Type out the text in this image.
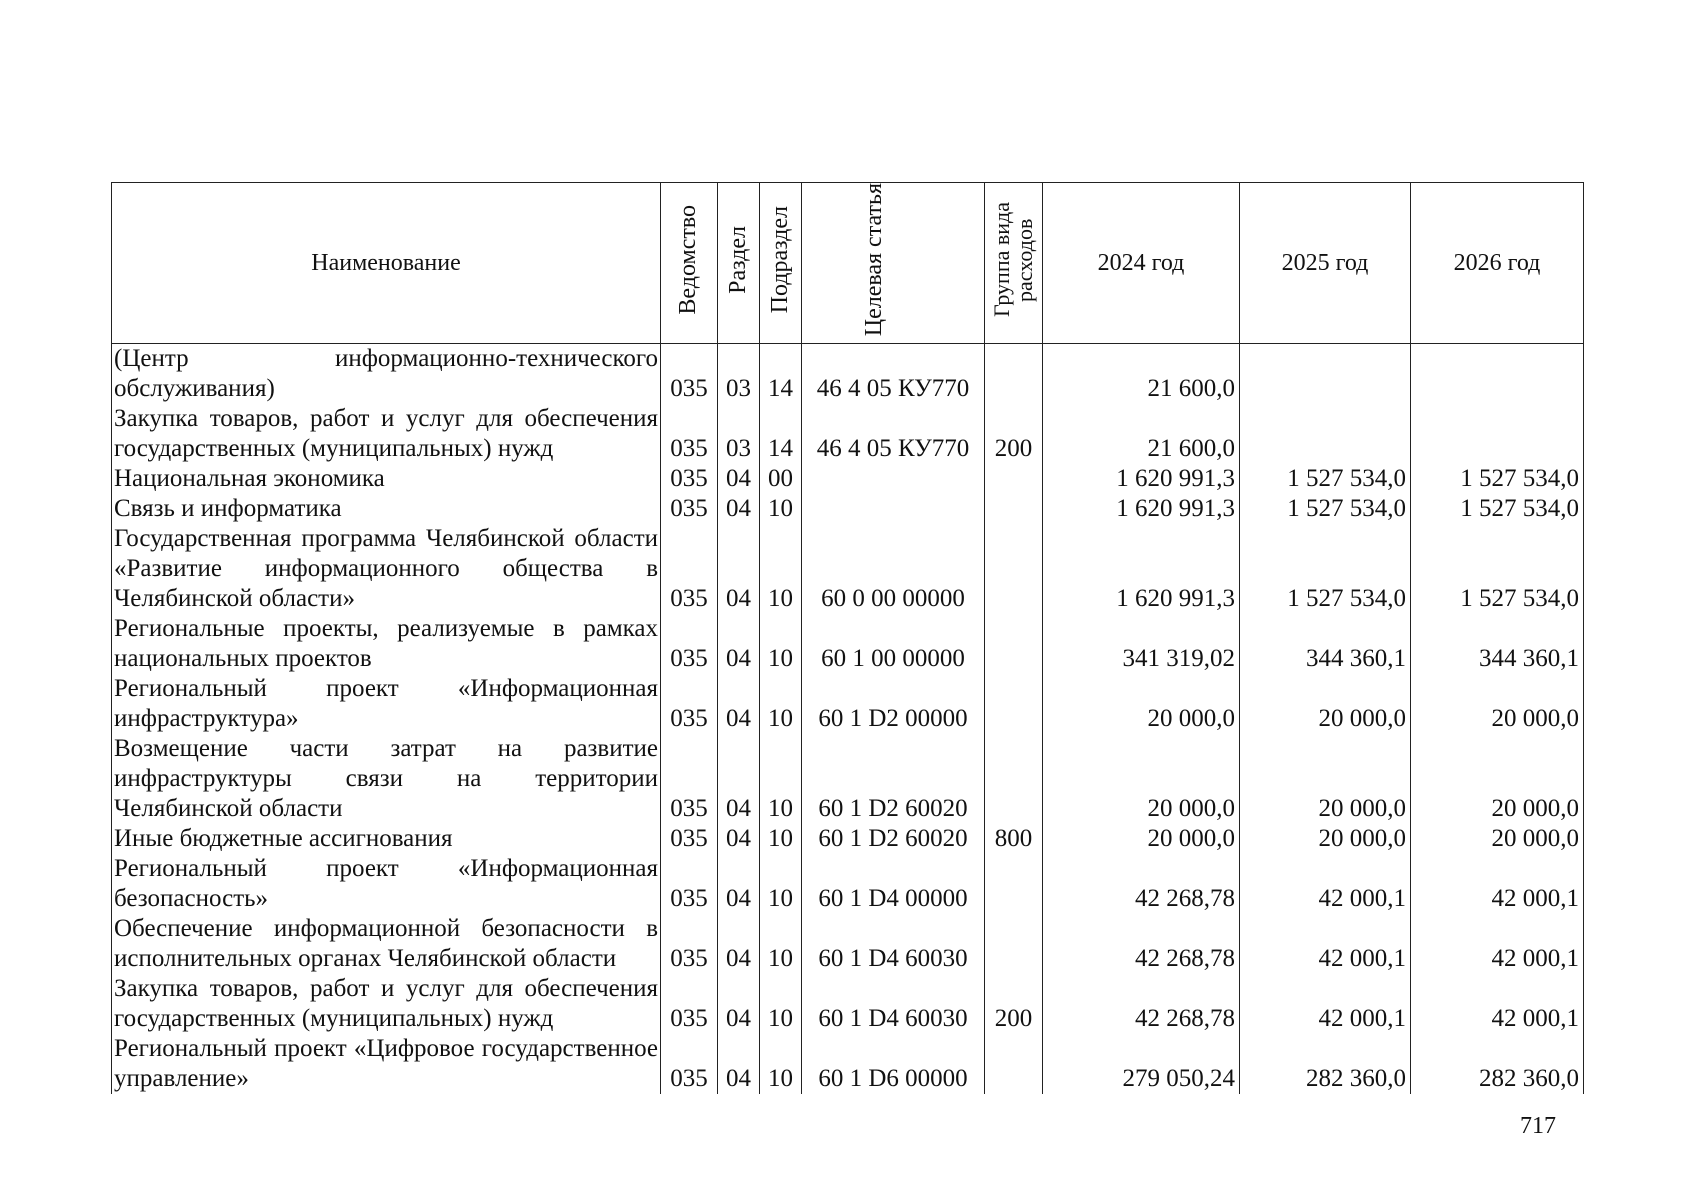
Наименование	Ведомство	Раздел	Подраздел	Целевая статья	Группа вида расходов	2024 год	2025 год	2026 год
(Центр информационно-технического обслуживания)	035	03	14	46 4 05 КУ770		21 600,0		
Закупка товаров, работ и услуг для обеспечения государственных (муниципальных) нужд	035	03	14	46 4 05 КУ770	200	21 600,0		
Национальная экономика	035	04	00			1 620 991,3	1 527 534,0	1 527 534,0
Связь и информатика	035	04	10			1 620 991,3	1 527 534,0	1 527 534,0
Государственная программа Челябинской области «Развитие информационного общества в Челябинской области»	035	04	10	60 0 00 00000		1 620 991,3	1 527 534,0	1 527 534,0
Региональные проекты, реализуемые в рамках национальных проектов	035	04	10	60 1 00 00000		341 319,02	344 360,1	344 360,1
Региональный проект «Информационная инфраструктура»	035	04	10	60 1 D2 00000		20 000,0	20 000,0	20 000,0
Возмещение части затрат на развитие инфраструктуры связи на территории Челябинской области	035	04	10	60 1 D2 60020		20 000,0	20 000,0	20 000,0
Иные бюджетные ассигнования	035	04	10	60 1 D2 60020	800	20 000,0	20 000,0	20 000,0
Региональный проект «Информационная безопасность»	035	04	10	60 1 D4 00000		42 268,78	42 000,1	42 000,1
Обеспечение информационной безопасности в исполнительных органах Челябинской области	035	04	10	60 1 D4 60030		42 268,78	42 000,1	42 000,1
Закупка товаров, работ и услуг для обеспечения государственных (муниципальных) нужд	035	04	10	60 1 D4 60030	200	42 268,78	42 000,1	42 000,1
Региональный проект «Цифровое государственное управление»	035	04	10	60 1 D6 00000		279 050,24	282 360,0	282 360,0
717
